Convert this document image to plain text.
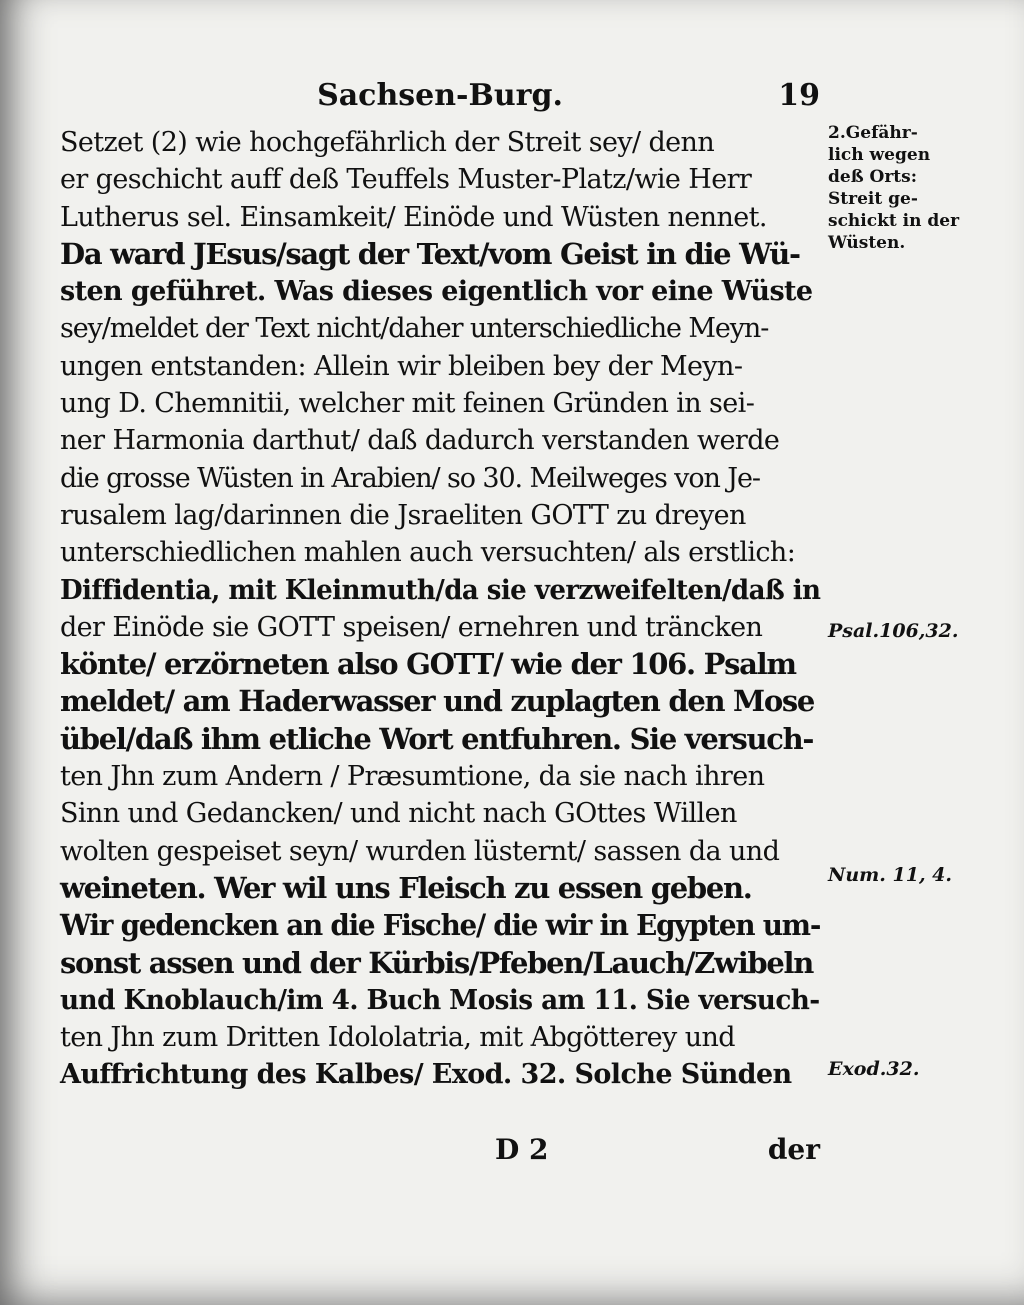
Sachsen-Burg.	19
Setzet (2) wie hochgefährlich der Streit sey/ denn
er geschicht auff deß Teuffels Muster-Platz/wie Herr
Lutherus sel. Einsamkeit/ Einöde und Wüsten nennet.
Da ward JEsus/sagt der Text/vom Geist in die Wü-
sten geführet. Was dieses eigentlich vor eine Wüste
sey/meldet der Text nicht/daher unterschiedliche Meyn-
ungen entstanden: Allein wir bleiben bey der Meyn-
ung D. Chemnitii, welcher mit feinen Gründen in sei-
ner Harmonia darthut/ daß dadurch verstanden werde
die grosse Wüsten in Arabien/ so 30. Meilweges von Je-
rusalem lag/darinnen die Jsraeliten GOTT zu dreyen
unterschiedlichen mahlen auch versuchten/ als erstlich:
Diffidentia, mit Kleinmuth/da sie verzweifelten/daß in
der Einöde sie GOTT speisen/ ernehren und träncken
könte/ erzörneten also GOTT/ wie der 106. Psalm
meldet/ am Haderwasser und zuplagten den Mose
übel/daß ihm etliche Wort entfuhren. Sie versuch-
ten Jhn zum Andern / Præsumtione, da sie nach ihren
Sinn und Gedancken/ und nicht nach GOttes Willen
wolten gespeiset seyn/ wurden lüsternt/ sassen da und
weineten. Wer wil uns Fleisch zu essen geben.
Wir gedencken an die Fische/ die wir in Egypten um-
sonst assen und der Kürbis/Pfeben/Lauch/Zwibeln
und Knoblauch/im 4. Buch Mosis am 11. Sie versuch-
ten Jhn zum Dritten Idololatria, mit Abgötterey und
Auffrichtung des Kalbes/ Exod. 32. Solche Sünden
D 2	der
2.Gefähr-
lich wegen
deß Orts:
Streit ge-
schickt in der
Wüsten.
Psal.106,32.
Num. 11, 4.
Exod.32.
